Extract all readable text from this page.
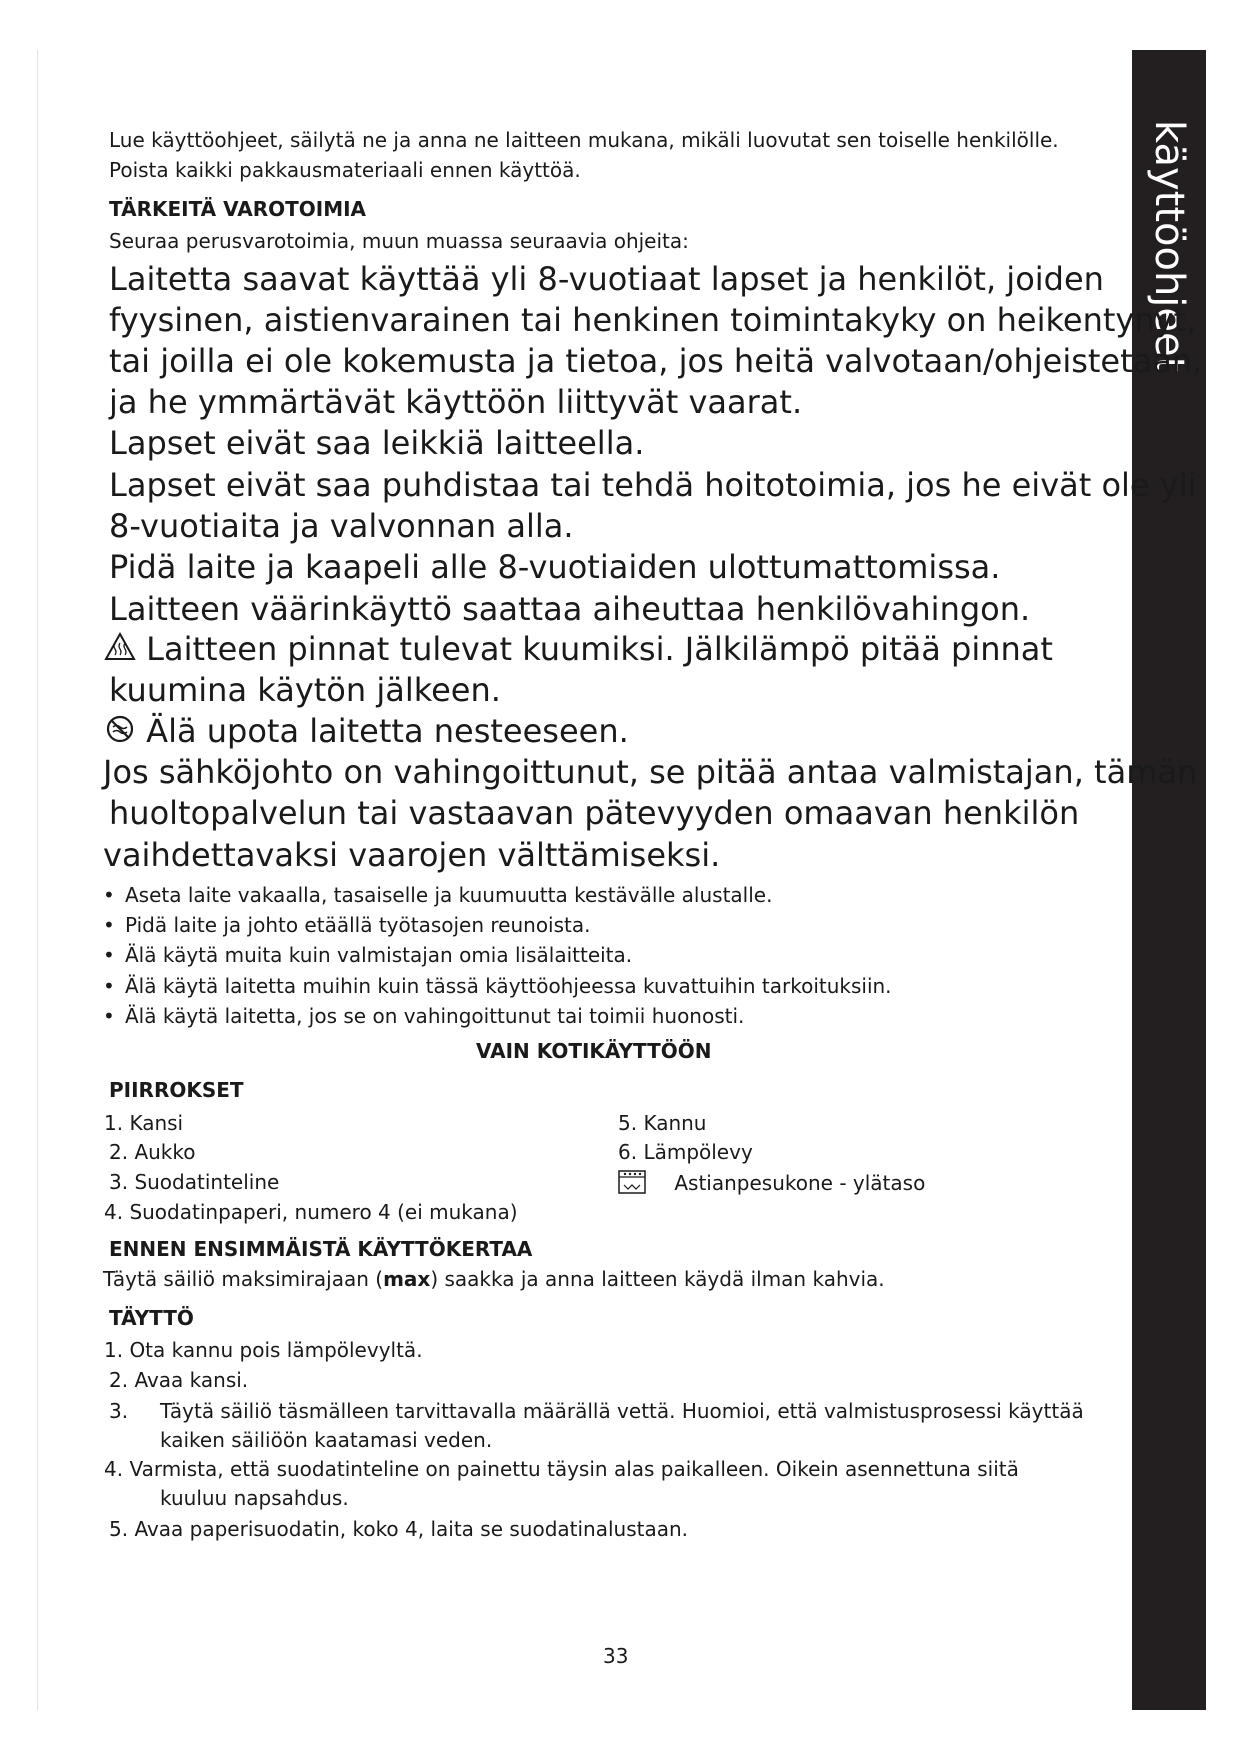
käyttöohjeet
Lue käyttöohjeet, säilytä ne ja anna ne laitteen mukana, mikäli luovutat sen toiselle henkilölle.
Poista kaikki pakkausmateriaali ennen käyttöä.
TÄRKEITÄ VAROTOIMIA
Seuraa perusvarotoimia, muun muassa seuraavia ohjeita:
Laitetta saavat käyttää yli 8-vuotiaat lapset ja henkilöt, joiden
fyysinen, aistienvarainen tai henkinen toimintakyky on heikentynyt,
tai joilla ei ole kokemusta ja tietoa, jos heitä valvotaan/ohjeistetaan,
ja he ymmärtävät käyttöön liittyvät vaarat.
Lapset eivät saa leikkiä laitteella.
Lapset eivät saa puhdistaa tai tehdä hoitotoimia, jos he eivät ole yli
8-vuotiaita ja valvonnan alla.
Pidä laite ja kaapeli alle 8-vuotiaiden ulottumattomissa.
Laitteen väärinkäyttö saattaa aiheuttaa henkilövahingon.
Laitteen pinnat tulevat kuumiksi. Jälkilämpö pitää pinnat
kuumina käytön jälkeen.
Älä upota laitetta nesteeseen.
Jos sähköjohto on vahingoittunut, se pitää antaa valmistajan, tämän
huoltopalvelun tai vastaavan pätevyyden omaavan henkilön
vaihdettavaksi vaarojen välttämiseksi.
• Aseta laite vakaalla, tasaiselle ja kuumuutta kestävälle alustalle.
• Pidä laite ja johto etäällä työtasojen reunoista.
• Älä käytä muita kuin valmistajan omia lisälaitteita.
• Älä käytä laitetta muihin kuin tässä käyttöohjeessa kuvattuihin tarkoituksiin.
• Älä käytä laitetta, jos se on vahingoittunut tai toimii huonosti.
VAIN KOTIKÄYTTÖÖN
PIIRROKSET
1. Kansi
2. Aukko
3. Suodatinteline
4. Suodatinpaperi, numero 4 (ei mukana)
5. Kannu
6. Lämpölevy
Astianpesukone - ylätaso
ENNEN ENSIMMÄISTÄ KÄYTTÖKERTAA
Täytä säiliö maksimirajaan (max) saakka ja anna laitteen käydä ilman kahvia.
TÄYTTÖ
1. Ota kannu pois lämpölevyltä.
2. Avaa kansi.
3. Täytä säiliö täsmälleen tarvittavalla määrällä vettä. Huomioi, että valmistusprosessi käyttää
kaiken säiliöön kaatamasi veden.
4. Varmista, että suodatinteline on painettu täysin alas paikalleen. Oikein asennettuna siitä
kuuluu napsahdus.
5. Avaa paperisuodatin, koko 4, laita se suodatinalustaan.
33
